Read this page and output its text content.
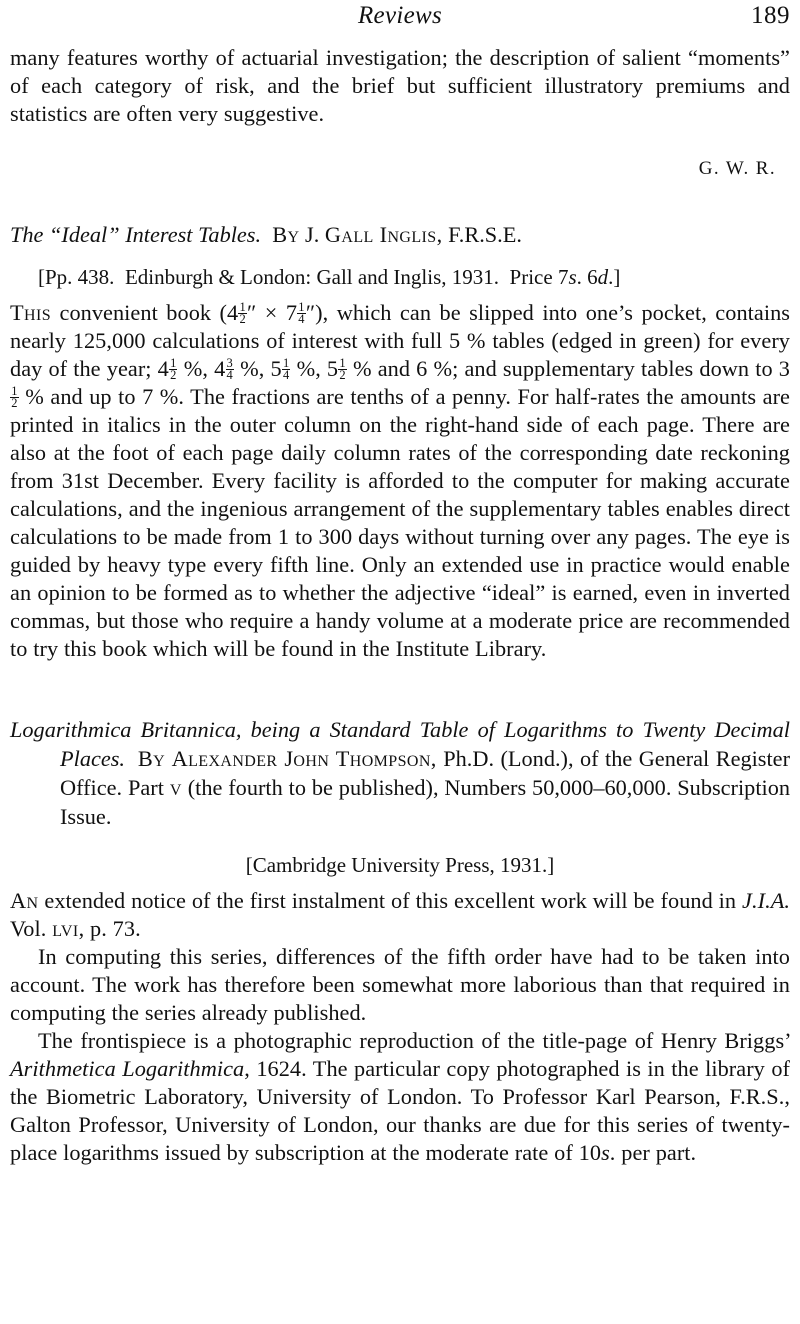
Reviews	189

many features worthy of actuarial investigation; the description of salient “moments” of each category of risk, and the brief but sufficient illustratory premiums and statistics are often very suggestive.

G. W. R.

The “Ideal” Interest Tables. By J. Gall Inglis, F.R.S.E.

[Pp. 438. Edinburgh & London: Gall and Inglis, 1931. Price 7s. 6d.]

This convenient book ($4 \frac{1}{2}$ ″ × $7 \frac{1}{4}$ ″), which can be slipped into one’s pocket, contains nearly 125,000 calculations of interest with full 5 % tables (edged in green) for every day of the year; $4 \frac{1}{2}$ %, $4 \frac{3}{4}$ %, $5 \frac{1}{4}$ %, $5 \frac{1}{2}$ % and 6 %; and supplementary tables down to 3
$\frac{1}{2}$ % and up to 7 %. The fractions are tenths of a penny. For half-rates the amounts are printed in italics in the outer column on the right-hand side of each page. There are also at the foot of each page daily column rates of the corresponding date reckoning from 31st December. Every facility is afforded to the computer for making accurate calculations, and the ingenious arrangement of the supplementary tables enables direct calculations to be made from 1 to 300 days without turning over any pages. The eye is guided by heavy type every fifth line. Only an extended use in practice would enable an opinion to be formed as to whether the adjective “ideal” is earned, even in inverted commas, but those who require a handy volume at a moderate price are recommended to try this book which will be found in the Institute Library.

Logarithmica Britannica, being a Standard Table of Logarithms to Twenty Decimal Places. By Alexander John Thompson, Ph.D. (Lond.), of the General Register Office. Part v (the fourth to be published), Numbers 50,000–60,000. Subscription Issue.

[Cambridge University Press, 1931.]

An extended notice of the first instalment of this excellent work will be found in J.I.A. Vol. lvi, p. 73.

In computing this series, differences of the fifth order have had to be taken into account. The work has therefore been somewhat more laborious than that required in computing the series already published.

The frontispiece is a photographic reproduction of the title-page of Henry Briggs’ Arithmetica Logarithmica, 1624. The particular copy photographed is in the library of the Biometric Laboratory, University of London. To Professor Karl Pearson, F.R.S., Galton Professor, University of London, our thanks are due for this series of twenty-place logarithms issued by subscription at the moderate rate of 10s. per part.
